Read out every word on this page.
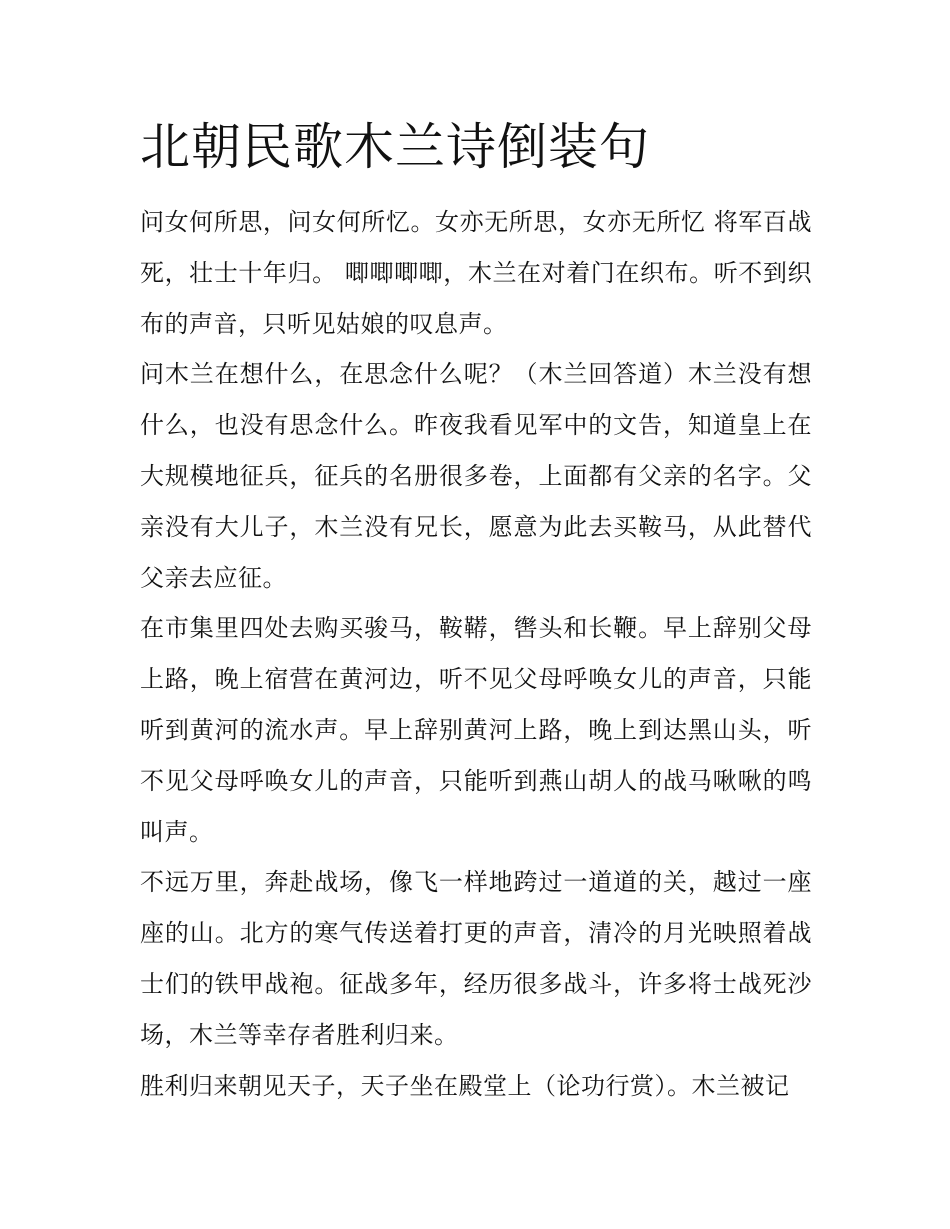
北朝民歌木兰诗倒装句

问女何所思，问女何所忆。女亦无所思，女亦无所忆 将军百战死，壮士十年归。 唧唧唧唧，木兰在对着门在织布。听不到织布的声音，只听见姑娘的叹息声。

问木兰在想什么，在思念什么呢？（木兰回答道）木兰没有想什么，也没有思念什么。昨夜我看见军中的文告，知道皇上在大规模地征兵，征兵的名册很多卷，上面都有父亲的名字。父亲没有大儿子，木兰没有兄长，愿意为此去买鞍马，从此替代父亲去应征。

在市集里四处去购买骏马，鞍鞯，辔头和长鞭。早上辞别父母上路，晚上宿营在黄河边，听不见父母呼唤女儿的声音，只能听到黄河的流水声。早上辞别黄河上路，晚上到达黑山头，听不见父母呼唤女儿的声音，只能听到燕山胡人的战马啾啾的鸣叫声。

不远万里，奔赴战场，像飞一样地跨过一道道的关，越过一座座的山。北方的寒气传送着打更的声音，清冷的月光映照着战士们的铁甲战袍。征战多年，经历很多战斗，许多将士战死沙场，木兰等幸存者胜利归来。

胜利归来朝见天子，天子坐在殿堂上（论功行赏）。木兰被记
